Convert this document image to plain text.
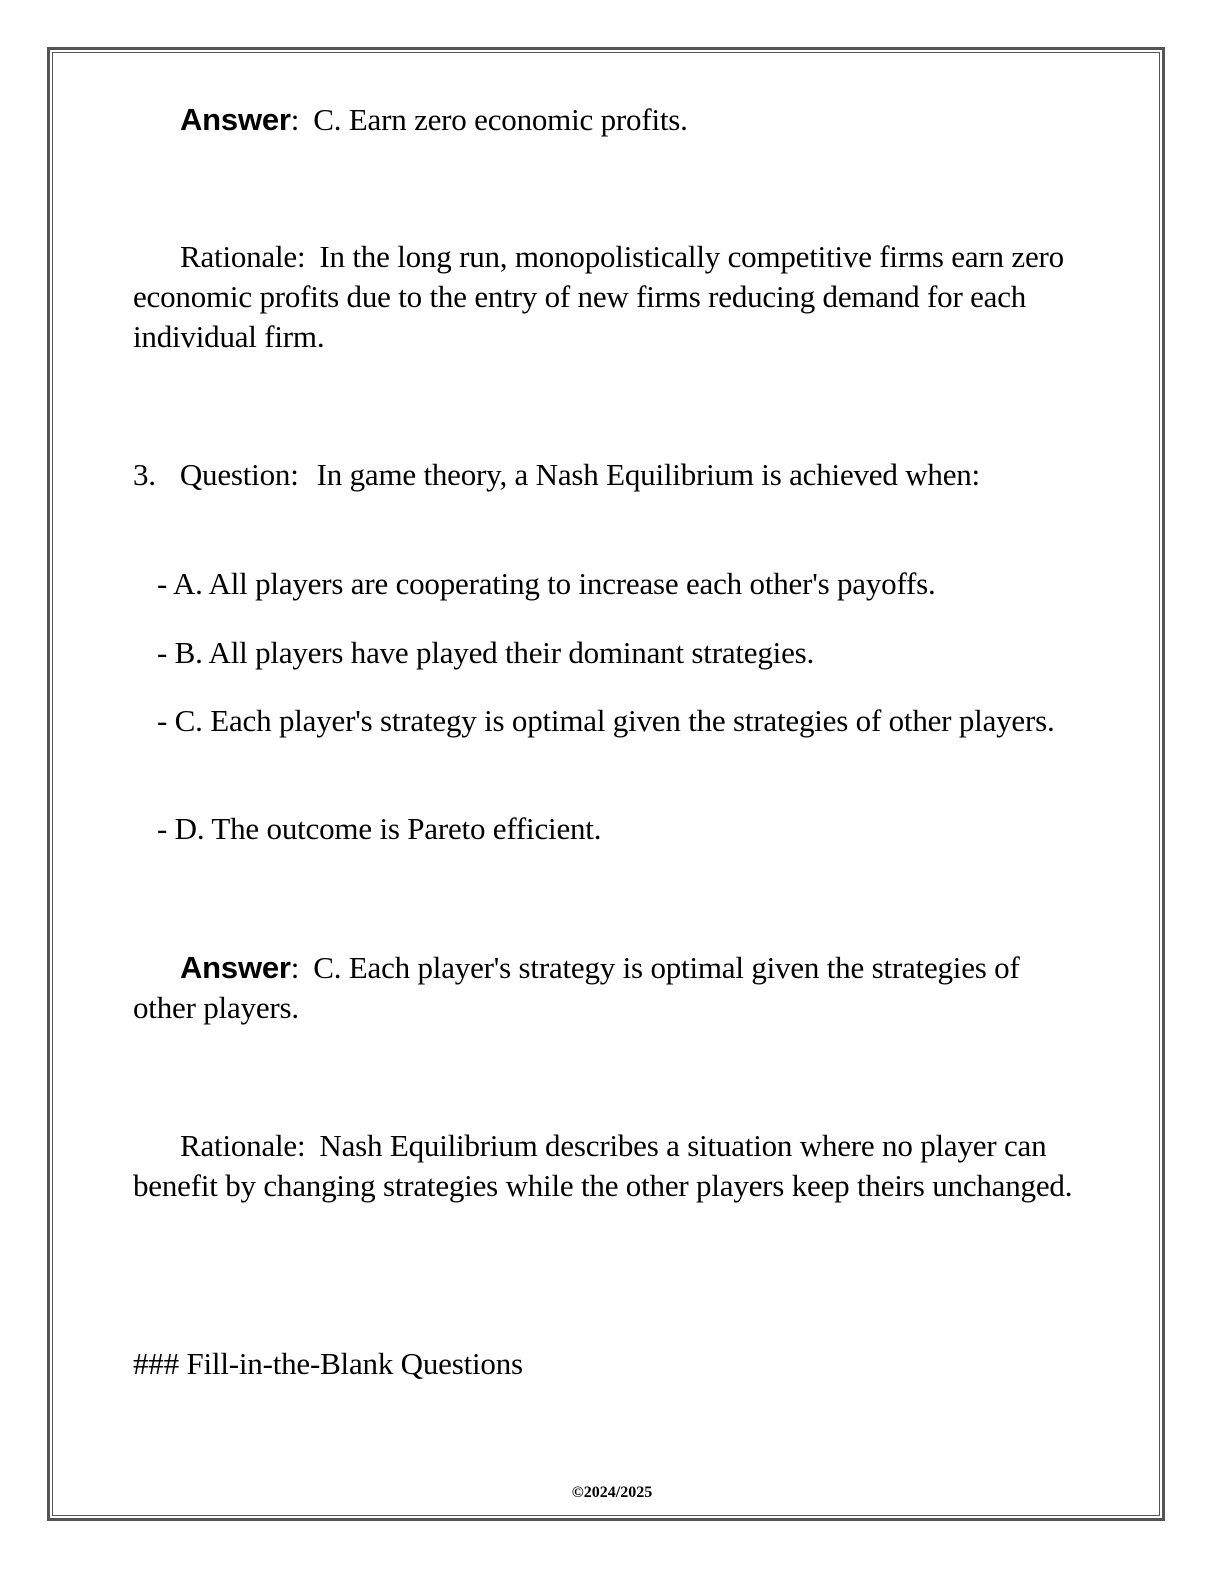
Answer: C. Earn zero economic profits.
Rationale: In the long run, monopolistically competitive firms earn zero economic profits due to the entry of new firms reducing demand for each individual firm.
3. Question: In game theory, a Nash Equilibrium is achieved when:
- A. All players are cooperating to increase each other's payoffs.
- B. All players have played their dominant strategies.
- C. Each player's strategy is optimal given the strategies of other players.
- D. The outcome is Pareto efficient.
Answer: C. Each player's strategy is optimal given the strategies of other players.
Rationale: Nash Equilibrium describes a situation where no player can benefit by changing strategies while the other players keep theirs unchanged.
### Fill-in-the-Blank Questions
©2024/2025
